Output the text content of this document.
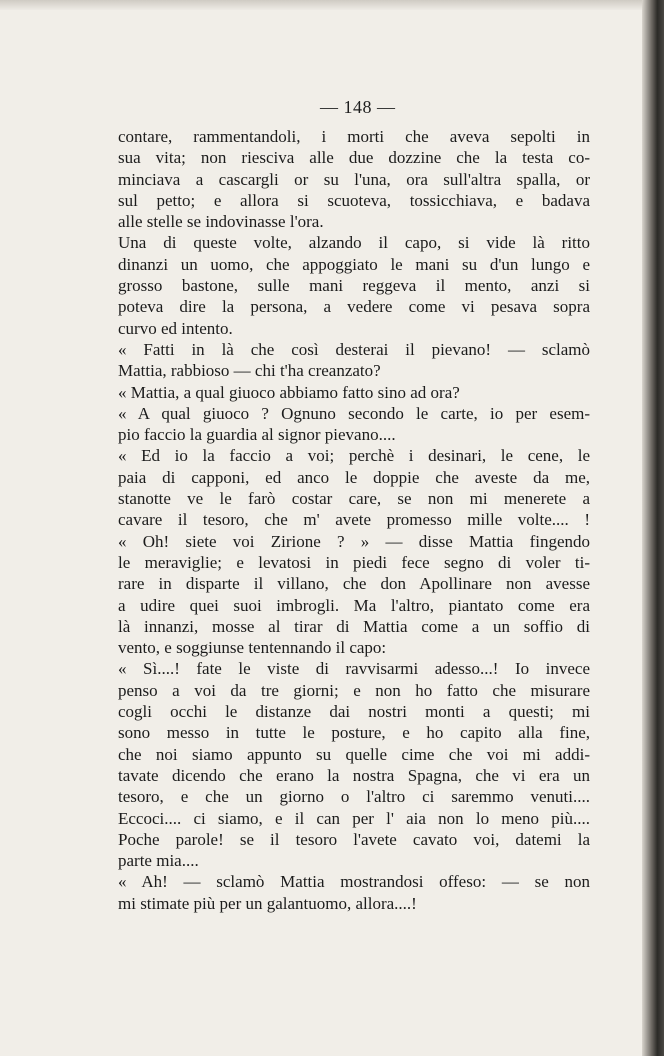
— 148 —
contare, rammentandoli, i morti che aveva sepolti in
sua vita; non riesciva alle due dozzine che la testa co-
minciava a cascargli or su l'una, ora sull'altra spalla, or
sul petto; e allora si scuoteva, tossicchiava, e badava
alle stelle se indovinasse l'ora.
Una di queste volte, alzando il capo, si vide là ritto
dinanzi un uomo, che appoggiato le mani su d'un lungo e
grosso bastone, sulle mani reggeva il mento, anzi si
poteva dire la persona, a vedere come vi pesava sopra
curvo ed intento.
« Fatti in là che così desterai il pievano! — sclamò
Mattia, rabbioso — chi t'ha creanzato?
« Mattia, a qual giuoco abbiamo fatto sino ad ora?
« A qual giuoco ? Ognuno secondo le carte, io per esem-
pio faccio la guardia al signor pievano....
« Ed io la faccio a voi; perchè i desinari, le cene, le
paia di capponi, ed anco le doppie che aveste da me,
stanotte ve le farò costar care, se non mi menerete a
cavare il tesoro, che m' avete promesso mille volte.... !
« Oh! siete voi Zirione ? » — disse Mattia fingendo
le meraviglie; e levatosi in piedi fece segno di voler ti-
rare in disparte il villano, che don Apollinare non avesse
a udire quei suoi imbrogli. Ma l'altro, piantato come era
là innanzi, mosse al tirar di Mattia come a un soffio di
vento, e soggiunse tentennando il capo:
« Sì....! fate le viste di ravvisarmi adesso...! Io invece
penso a voi da tre giorni; e non ho fatto che misurare
cogli occhi le distanze dai nostri monti a questi; mi
sono messo in tutte le posture, e ho capito alla fine,
che noi siamo appunto su quelle cime che voi mi addi-
tavate dicendo che erano la nostra Spagna, che vi era un
tesoro, e che un giorno o l'altro ci saremmo venuti....
Eccoci.... ci siamo, e il can per l' aia non lo meno più....
Poche parole! se il tesoro l'avete cavato voi, datemi la
parte mia....
« Ah! — sclamò Mattia mostrandosi offeso: — se non
mi stimate più per un galantuomo, allora....!
